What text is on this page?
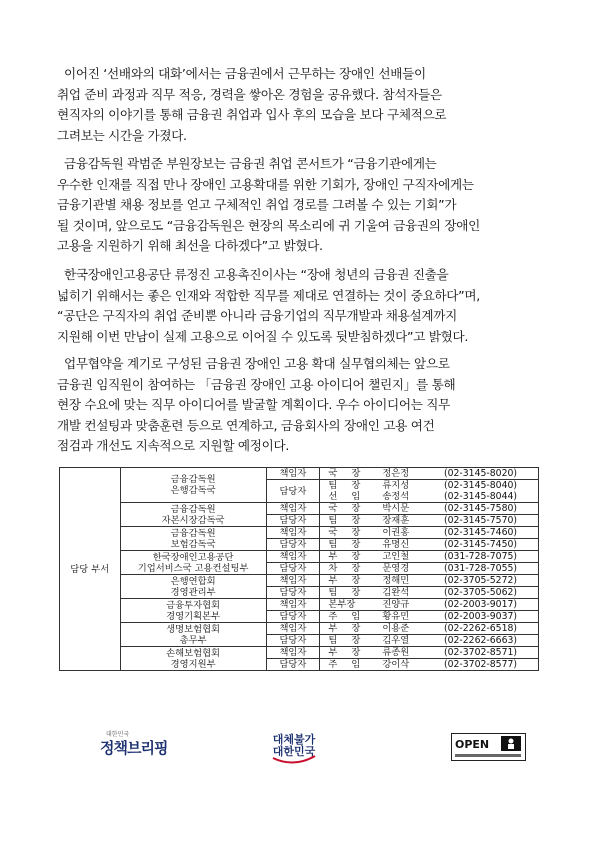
이어진 ‘선배와의 대화’에서는 금융권에서 근무하는 장애인 선배들이
취업 준비 과정과 직무 적응, 경력을 쌓아온 경험을 공유했다. 참석자들은
현직자의 이야기를 통해 금융권 취업과 입사 후의 모습을 보다 구체적으로
그려보는 시간을 가졌다.

금융감독원 곽범준 부원장보는 금융권 취업 콘서트가 “금융기관에게는
우수한 인재를 직접 만나 장애인 고용확대를 위한 기회가, 장애인 구직자에게는
금융기관별 채용 정보를 얻고 구체적인 취업 경로를 그려볼 수 있는 기회”가
될 것이며, 앞으로도 “금융감독원은 현장의 목소리에 귀 기울여 금융권의 장애인
고용을 지원하기 위해 최선을 다하겠다”고 밝혔다.

한국장애인고용공단 류정진 고용촉진이사는 “장애 청년의 금융권 진출을
넓히기 위해서는 좋은 인재와 적합한 직무를 제대로 연결하는 것이 중요하다”며,
“공단은 구직자의 취업 준비뿐 아니라 금융기업의 직무개발과 채용설계까지
지원해 이번 만남이 실제 고용으로 이어질 수 있도록 뒷받침하겠다”고 밝혔다.

업무협약을 계기로 구성된 금융권 장애인 고용 확대 실무협의체는 앞으로
금융권 임직원이 참여하는 「금융권 장애인 고용 아이디어 챌린지」를 통해
현장 수요에 맞는 직무 아이디어를 발굴할 계획이다. 우수 아이디어는 직무
개발 컨설팅과 맞춤훈련 등으로 연계하고, 금융회사의 장애인 고용 여건
점검과 개선도 지속적으로 지원할 예정이다.

담당 부서	금융감독원
은행감독국	책임자	국 장	정은정	(02-3145-8020)
		담당자	팀 장	류지성	(02-3145-8040)
			선 임	송정석	(02-3145-8044)

	금융감독원
자본시장감독국	책임자	국 장	박시문	(02-3145-7580)
		담당자	팀 장	장재훈	(02-3145-7570)

	금융감독원
보험감독국	책임자	국 장	이권홍	(02-3145-7460)
		담당자	팀 장	유명신	(02-3145-7450)

	한국장애인고용공단
기업서비스국 고용컨설팅부	책임자	부 장	고인철	(031-728-7075)
		담당자	차 장	문영경	(031-728-7055)

	은행연합회
경영관리부	책임자	부 장	정해민	(02-3705-5272)
		담당자	팀 장	김완석	(02-3705-5062)

	금융투자협회
경영기획본부	책임자	본부장	진양규	(02-2003-9017)
		담당자	주 임	황유민	(02-2003-9037)

	생명보험협회
총무부	책임자	부 장	이용준	(02-2262-6518)
		담당자	팀 장	김우열	(02-2262-6663)

	손해보험협회
경영지원부	책임자	부 장	류종원	(02-3702-8571)
		담당자	주 임	강이삭	(02-3702-8577)
대한민국
정책브리핑	대체불가
대한민국
OPEN
